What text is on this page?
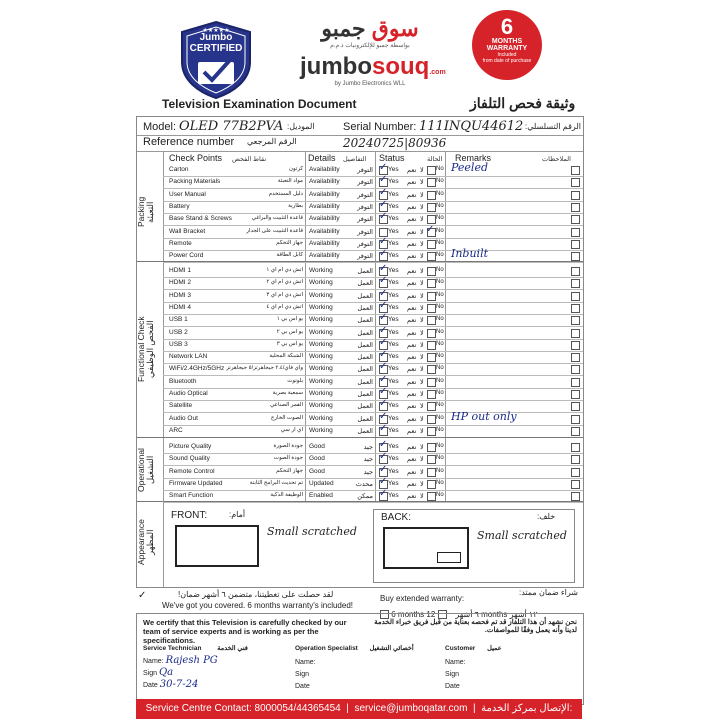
★★★★★
Jumbo
CERTIFIED
سوق جمبو
بواسطة جمبو للإلكترونيات ذ.م.م
jumbosouq.com
by Jumbo Electronics WLL
6
MONTHS
WARRANTY
Included
from date of purchase
Television Examination Document	وثيقة فحص التلفاز
Model: OLED 77B2PVA الموديل:	Serial Number: 111INQU44612 الرقم التسلسلي:
Reference number الرقم المرجعي	20240725|80936
Check Points نقاط الفحص	Details التفاصيل Status	الحالة Remarks	الملاحظات
Packing
التعبئة
Functional Check
الفحص الوظيفي
Operational
التشغيل
Appearance
المظهر
Carton	كرتون Availability	التوفر Yes نعم	No
لا
✓	Peeled
Packing Materials	مواد التعبئة Availability	التوفر Yes نعم	No
لا
✓
User Manual	دليل المستخدم Availability	التوفر Yes نعم	No
لا
✓
Battery	بطارية Availability	التوفر Yes نعم	No
لا
✓
Base Stand & Screws	قاعدة التثبيت والبراغي Availability	التوفر Yes نعم	No
لا
✓
Wall Bracket	قاعدة التثبيت على الجدار Availability	التوفر Yes نعم	No
لا ✓
Remote	جهاز التحكم Availability	التوفر Yes نعم	No
لا
✓
Power Cord	كابل الطاقة Availability	التوفر Yes نعم	No
لا
✓	Inbuilt
HDMI 1	اتش دي ام اي ١ Working	العمل Yes نعم	No
لا
✓
HDMI 2	اتش دي ام اي ٢ Working	العمل Yes نعم	No
لا
✓
HDMI 3	اتش دي ام اي ٣ Working	العمل Yes نعم	No
لا
✓
HDMI 4	اتش دي ام اي ٤ Working	العمل Yes نعم	No
لا
✓
USB 1	يو اس بي ١ Working	العمل Yes نعم	No
لا
✓
USB 2	يو اس بي ٢ Working	العمل Yes نعم	No
لا
✓
USB 3	يو اس بي ٣ Working	العمل Yes نعم	No
لا
✓
Network LAN	الشبكة المحلية Working	العمل Yes نعم	No
لا
✓
WiFi/2.4GHz/5GHz واي فاي/٢.٤ جيجاهرتز/٥ جيجاهرتز Working	العمل Yes نعم	No
لا
✓
Bluetooth	بلوتوث Working	العمل Yes نعم	No
لا
✓
Audio Optical	سمعية بصرية Working	العمل Yes نعم	No
لا
✓
Satellite	القمر الصناعي Working	العمل Yes نعم	No
لا
✓
Audio Out	الصوت الخارج Working	العمل Yes نعم	No
لا
✓	HP out only
ARC	اي ار سي Working	العمل Yes نعم	No
لا
✓
Picture Quality	جودة الصورة Good	جيد Yes نعم	No
لا
✓
Sound Quality	جودة الصوت Good	جيد Yes نعم	No
لا
✓
Remote Control	جهاز التحكم Good	جيد Yes نعم	No
لا
✓
Firmware Updated	تم تحديث البرامج الثابتة Updated	محدث Yes نعم	No
لا
✓
Smart Function	الوظيفة الذكية Enabled	ممكن Yes نعم	No
لا
✓
FRONT:	أمام:
Small scratched
BACK:	خلف:
Small scratched
✓	لقد حصلت على تغطيتنا، متضمن ٦ أشهر ضمان!
We've got you covered. 6 months warranty's included!
Buy extended warranty:
شراء ضمان ممتد:
6 months	٦ أشهر     12 months ١٢ أشهر
We certify that this Television is carefully checked by our team of service experts and is working as per the specifications.
نحن نشهد أن هذا التلفاز قد تم فحصه بعناية من قبل فريق خبراء الخدمة لدينا وأنه يعمل وفقًا للمواصفات.
Service Technician فني الخدمة
Name: Rajesh PG
Sign Qa
Date 30-7-24
Operation Specialist أخصائي التشغيل
Name:
Sign
Date
Customer عميل
Name:
Sign
Date
Service Centre Contact: 8000054/44365454  |  service@jumboqatar.com  |  الإتصال بمركز الخدمة:
